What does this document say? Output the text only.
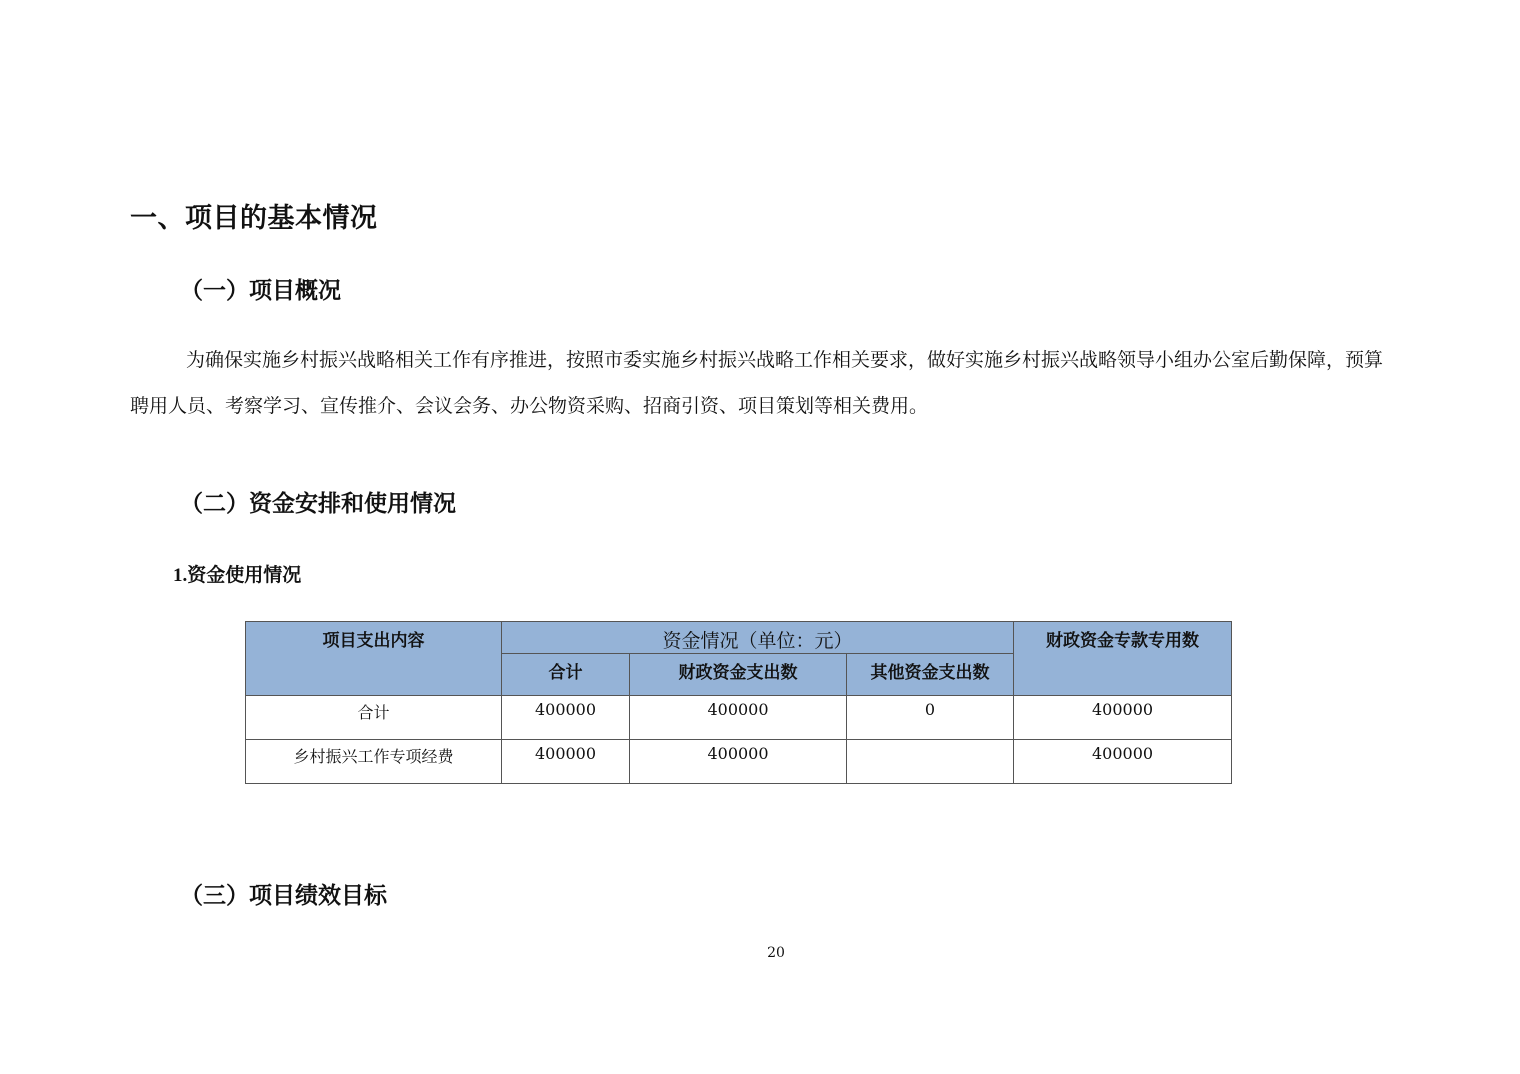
一、项目的基本情况
（一）项目概况
为确保实施乡村振兴战略相关工作有序推进，按照市委实施乡村振兴战略工作相关要求，做好实施乡村振兴战略领导小组办公室后勤保障，预算聘用人员、考察学习、宣传推介、会议会务、办公物资采购、招商引资、项目策划等相关费用。
（二）资金安排和使用情况
1.资金使用情况
项目支出内容	资金情况（单位：元）			财政资金专款专用数
	合计	财政资金支出数	其他资金支出数	
合计	400000	400000	0	400000
乡村振兴工作专项经费	400000	400000		400000
（三）项目绩效目标
20
